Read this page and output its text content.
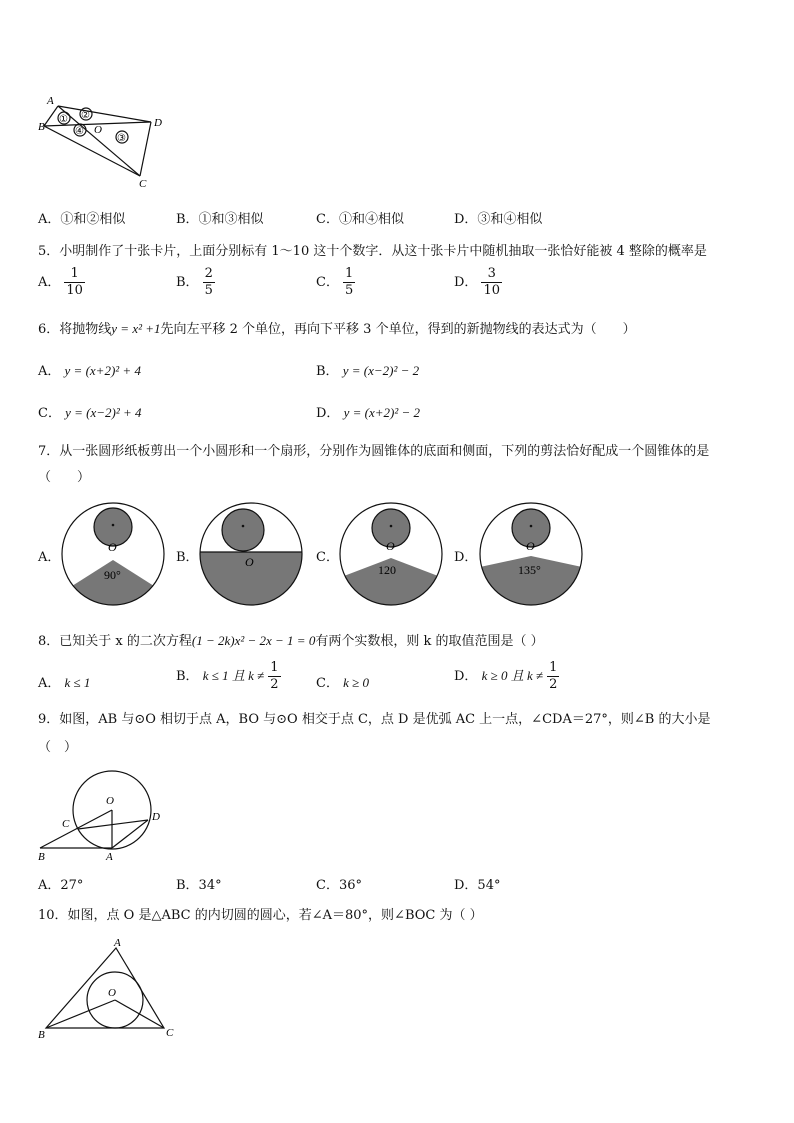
A
B	D
C
O
① ②
④
③
A．①和②相似	B．①和③相似	C．①和④相似	D．③和④相似
5．小明制作了十张卡片，上面分别标有 1～10 这十个数字．从这十张卡片中随机抽取一张恰好能被 4 整除的概率是
A． $\frac{1}{10}$	B． $\frac{2}{5}$	C． $\frac{1}{5}$	D． $\frac{3}{10}$
6．将抛物线y = x² +1先向左平移 2 个单位，再向下平移 3 个单位，得到的新抛物线的表达式为（　　）
A． y = (x+2)² + 4	B． y = (x−2)² − 2
C． y = (x−2)² + 4	D． y = (x+2)² − 2
7．从一张圆形纸板剪出一个小圆形和一个扇形，分别作为圆锥体的底面和侧面，下列的剪法恰好配成一个圆锥体的是
（　　）
A．
O
90°
B．	O	C．
O
120
D．
O
135°
8．已知关于 x 的二次方程(1 − 2k)x² − 2x − 1 = 0有两个实数根，则 k 的取值范围是（ ）
A． k ≤ 1	B． k ≤ 1 且 $k \ne \frac{1}{2}$	C． k ≥ 0	D． k ≥ 0 且 $k \ne \frac{1}{2}$
9．如图，AB 与⊙O 相切于点 A，BO 与⊙O 相交于点 C，点 D 是优弧 AC 上一点，∠CDA＝27°，则∠B 的大小是
（　）
O
C
D
B	A
A．27°	B．34°	C．36°	D．54°
10．如图，点 O 是△ABC 的内切圆的圆心，若∠A＝80°，则∠BOC 为（ ）
A
B	C
O
